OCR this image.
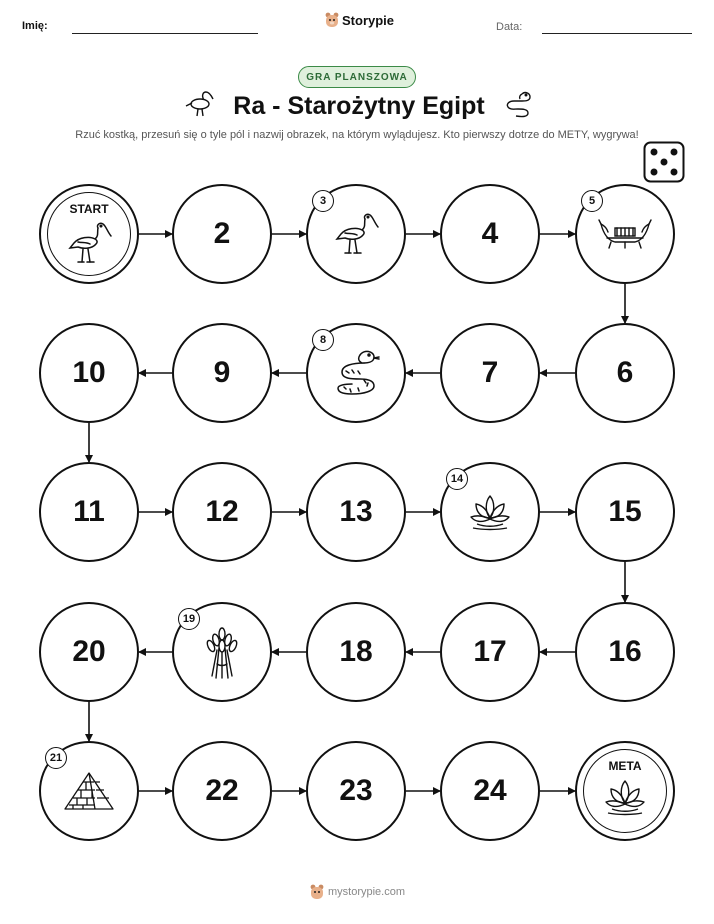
Imię:	Storypie	Data:
GRA PLANSZOWA
Ra - Starożytny Egipt
Rzuć kostką, przesuń się o tyle pól i nazwij obrazek, na którym wylądujesz. Kto pierwszy dotrze do METY, wygrywa!
START
2
3
4
5
6
7
8
9
10
11	12	13
14
15
16
17
18
19
20
21
22	23	24
META
mystorypie.com
